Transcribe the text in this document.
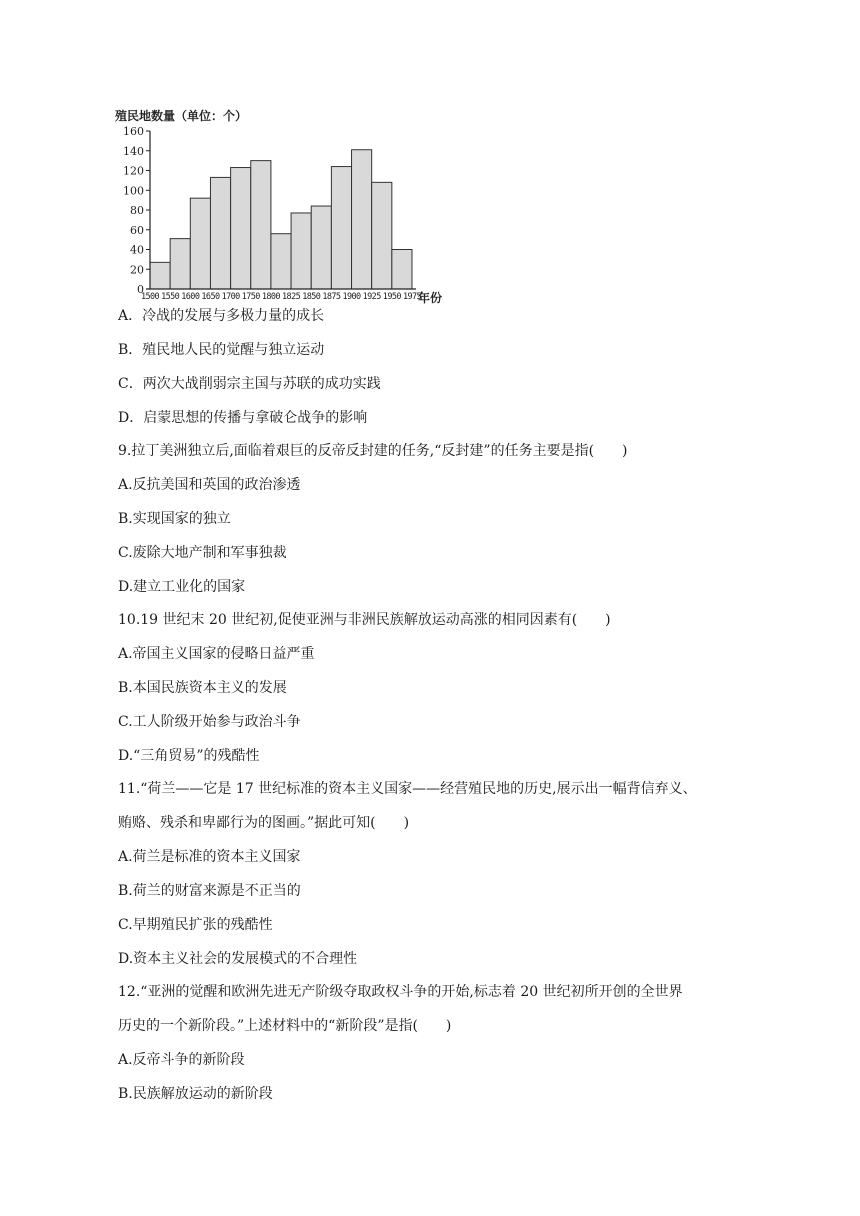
殖民地数量（单位：个）
年份
0
20
40
60
80
100
120
140
160
1500 1550 1600 1650 1700 1750 1800 1825 1850 1875 1900 1925 1950 1975
A．冷战的发展与多极力量的成长
B．殖民地人民的觉醒与独立运动
C．两次大战削弱宗主国与苏联的成功实践
D．启蒙思想的传播与拿破仑战争的影响
9.拉丁美洲独立后,面临着艰巨的反帝反封建的任务,“反封建”的任务主要是指(　　)
A.反抗美国和英国的政治渗透
B.实现国家的独立
C.废除大地产制和军事独裁
D.建立工业化的国家
10.19 世纪末 20 世纪初,促使亚洲与非洲民族解放运动高涨的相同因素有(　　)
A.帝国主义国家的侵略日益严重
B.本国民族资本主义的发展
C.工人阶级开始参与政治斗争
D.“三角贸易”的残酷性
11.“荷兰——它是 17 世纪标准的资本主义国家——经营殖民地的历史,展示出一幅背信弃义、
贿赂、残杀和卑鄙行为的图画。”据此可知(　　)
A.荷兰是标准的资本主义国家
B.荷兰的财富来源是不正当的
C.早期殖民扩张的残酷性
D.资本主义社会的发展模式的不合理性
12.“亚洲的觉醒和欧洲先进无产阶级夺取政权斗争的开始,标志着 20 世纪初所开创的全世界
历史的一个新阶段。”上述材料中的“新阶段”是指(　　)
A.反帝斗争的新阶段
B.民族解放运动的新阶段
